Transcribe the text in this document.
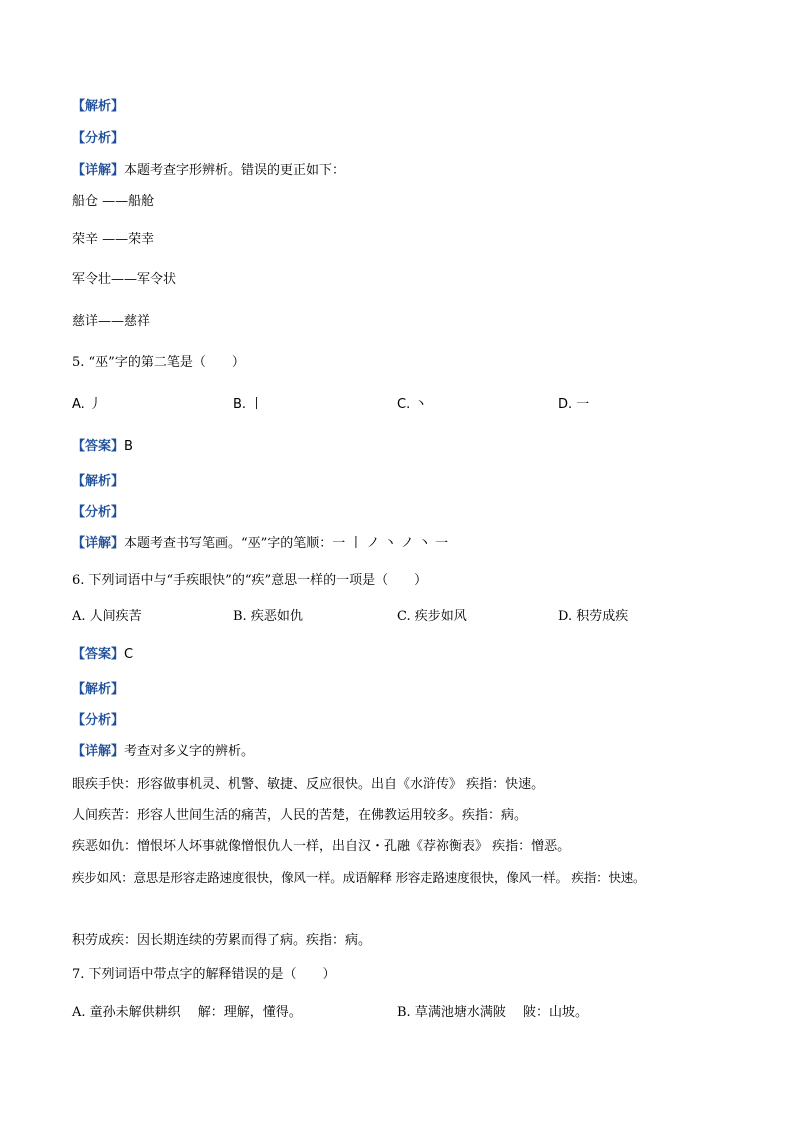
【解析】
【分析】
【详解】本题考查字形辨析。错误的更正如下：
船仓 ——船舱
荣辛 ——荣幸
军令壮——军令状
慈详——慈祥
5. “巫”字的第二笔是（　　）
A. 丿	B. 丨	C. 丶	D. 一
【答案】B
【解析】
【分析】
【详解】本题考查书写笔画。“巫”字的笔顺：一 丨 ノ 丶 ノ 丶 一
6. 下列词语中与“手疾眼快”的“疾”意思一样的一项是（　　）
A. 人间疾苦	B. 疾恶如仇	C. 疾步如风	D. 积劳成疾
【答案】C
【解析】
【分析】
【详解】考查对多义字的辨析。
眼疾手快：形容做事机灵、机警、敏捷、反应很快。出自《水浒传》 疾指：快速。
人间疾苦：形容人世间生活的痛苦，人民的苦楚，在佛教运用较多。疾指：病。
疾恶如仇：憎恨坏人坏事就像憎恨仇人一样，出自汉・孔融《荐祢衡表》 疾指：憎恶。
疾步如风：意思是形容走路速度很快，像风一样。成语解释 形容走路速度很快，像风一样。 疾指：快速。
积劳成疾：因长期连续的劳累而得了病。疾指：病。
7. 下列词语中带点字的解释错误的是（　　）
A. 童孙未解供耕织　 解：理解，懂得。	B. 草满池塘水满陂　 陂：山坡。
